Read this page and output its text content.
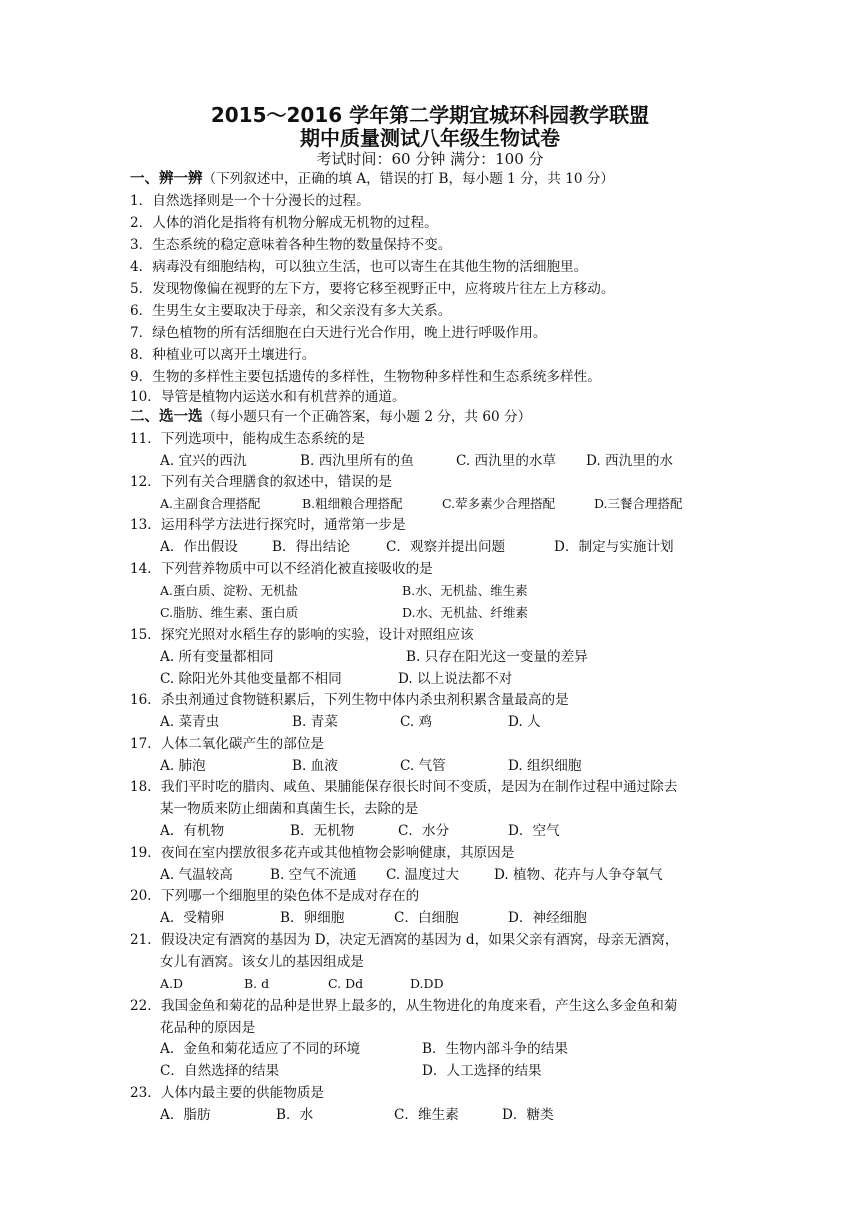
2015～2016 学年第二学期宜城环科园教学联盟
期中质量测试八年级生物试卷
考试时间：60 分钟 满分：100 分
一、辨一辨（下列叙述中，正确的填 A，错误的打 B，每小题 1 分，共 10 分）
1．自然选择则是一个十分漫长的过程。
2．人体的消化是指将有机物分解成无机物的过程。
3．生态系统的稳定意味着各种生物的数量保持不变。
4．病毒没有细胞结构，可以独立生活，也可以寄生在其他生物的活细胞里。
5．发现物像偏在视野的左下方，要将它移至视野正中，应将玻片往左上方移动。
6．生男生女主要取决于母亲，和父亲没有多大关系。
7．绿色植物的所有活细胞在白天进行光合作用，晚上进行呼吸作用。
8．种植业可以离开土壤进行。
9．生物的多样性主要包括遗传的多样性，生物物种多样性和生态系统多样性。
10．导管是植物内运送水和有机营养的通道。
二、选一选（每小题只有一个正确答案，每小题 2 分，共 60 分）
11．下列选项中，能构成生态系统的是
A. 宜兴的西氿	B. 西氿里所有的鱼	C. 西氿里的水草 D. 西氿里的水
12．下列有关合理膳食的叙述中，错误的是
A.主副食合理搭配	B.粗细粮合理搭配	C.荤多素少合理搭配	D.三餐合理搭配
13．运用科学方法进行探究时，通常第一步是
A．作出假设	B．得出结论	C．观察并提出问题	D．制定与实施计划
14．下列营养物质中可以不经消化被直接吸收的是
A.蛋白质、淀粉、无机盐	B.水、无机盐、维生素
C.脂肪、维生素、蛋白质	D.水、无机盐、纤维素
15．探究光照对水稻生存的影响的实验，设计对照组应该
A. 所有变量都相同	B. 只存在阳光这一变量的差异
C. 除阳光外其他变量都不相同	D. 以上说法都不对
16．杀虫剂通过食物链积累后，下列生物中体内杀虫剂积累含量最高的是
A. 菜青虫	B. 青菜	C. 鸡	D. 人
17．人体二氧化碳产生的部位是
A. 肺泡	B. 血液	C. 气管	D. 组织细胞
18．我们平时吃的腊肉、咸鱼、果脯能保存很长时间不变质，是因为在制作过程中通过除去
某一物质来防止细菌和真菌生长，去除的是
A．有机物	B．无机物	C．水分	D．空气
19．夜间在室内摆放很多花卉或其他植物会影响健康，其原因是
A. 气温较高	B. 空气不流通 C. 温度过大	D. 植物、花卉与人争夺氧气
20．下列哪一个细胞里的染色体不是成对存在的
A．受精卵	B．卵细胞	C．白细胞	D．神经细胞
21．假设决定有酒窝的基因为 D，决定无酒窝的基因为 d，如果父亲有酒窝，母亲无酒窝，
女儿有酒窝。该女儿的基因组成是
A.D	B. d	C. Dd	D.DD
22．我国金鱼和菊花的品种是世界上最多的，从生物进化的角度来看，产生这么多金鱼和菊
花品种的原因是
A．金鱼和菊花适应了不同的环境	B．生物内部斗争的结果
C．自然选择的结果	D．人工选择的结果
23．人体内最主要的供能物质是
A．脂肪	B．水	C．维生素	D．糖类
